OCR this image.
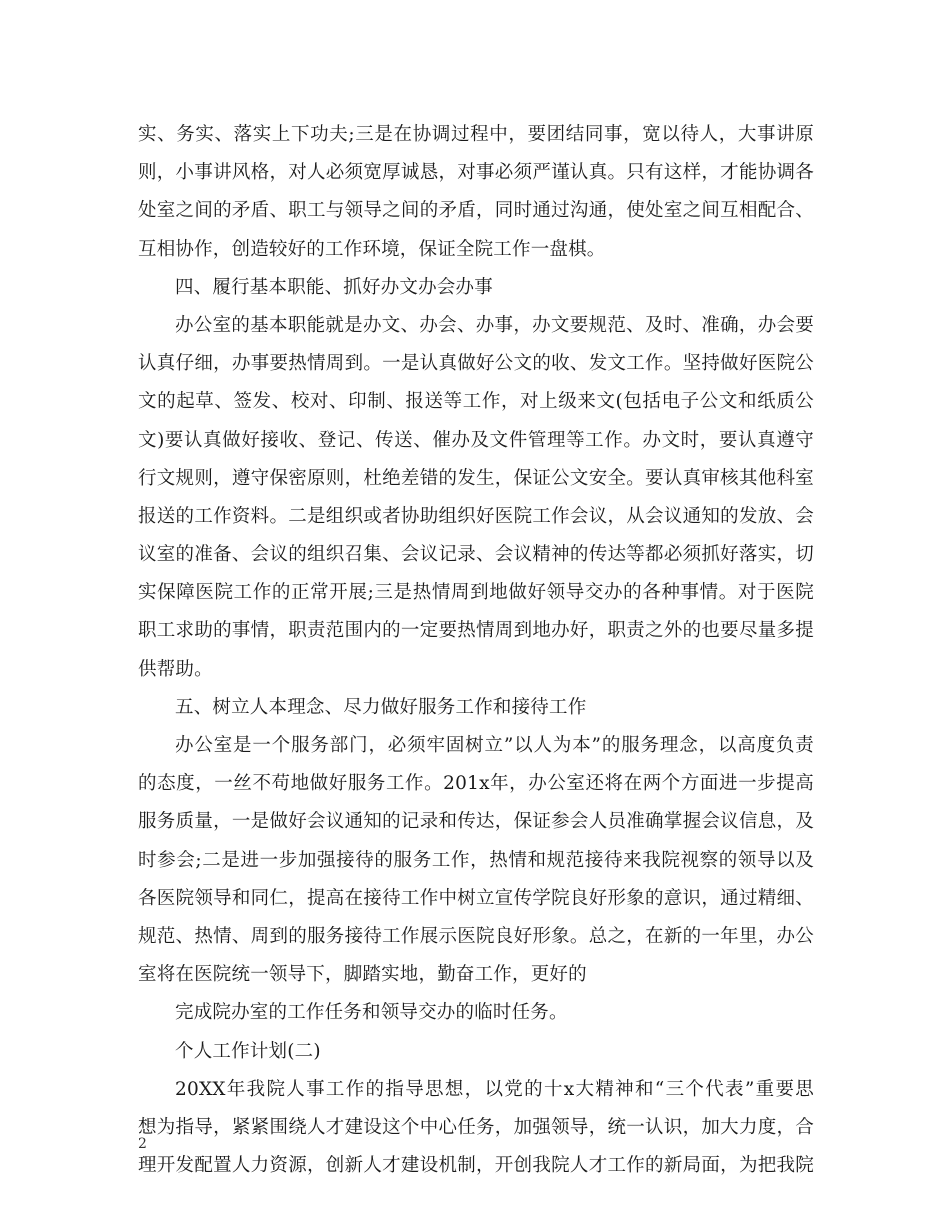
实、务实、落实上下功夫;三是在协调过程中，要团结同事，宽以待人，大事讲原
则，小事讲风格，对人必须宽厚诚恳，对事必须严谨认真。只有这样，才能协调各
处室之间的矛盾、职工与领导之间的矛盾，同时通过沟通，使处室之间互相配合、
互相协作，创造较好的工作环境，保证全院工作一盘棋。
四、履行基本职能、抓好办文办会办事
办公室的基本职能就是办文、办会、办事，办文要规范、及时、准确，办会要
认真仔细，办事要热情周到。一是认真做好公文的收、发文工作。坚持做好医院公
文的起草、签发、校对、印制、报送等工作，对上级来文(包括电子公文和纸质公
文)要认真做好接收、登记、传送、催办及文件管理等工作。办文时，要认真遵守
行文规则，遵守保密原则，杜绝差错的发生，保证公文安全。要认真审核其他科室
报送的工作资料。二是组织或者协助组织好医院工作会议，从会议通知的发放、会
议室的准备、会议的组织召集、会议记录、会议精神的传达等都必须抓好落实，切
实保障医院工作的正常开展;三是热情周到地做好领导交办的各种事情。对于医院
职工求助的事情，职责范围内的一定要热情周到地办好，职责之外的也要尽量多提
供帮助。
五、树立人本理念、尽力做好服务工作和接待工作
办公室是一个服务部门，必须牢固树立”以人为本”的服务理念，以高度负责
的态度，一丝不苟地做好服务工作。201x年，办公室还将在两个方面进一步提高
服务质量，一是做好会议通知的记录和传达，保证参会人员准确掌握会议信息，及
时参会;二是进一步加强接待的服务工作，热情和规范接待来我院视察的领导以及
各医院领导和同仁，提高在接待工作中树立宣传学院良好形象的意识，通过精细、
规范、热情、周到的服务接待工作展示医院良好形象。总之，在新的一年里，办公
室将在医院统一领导下，脚踏实地，勤奋工作，更好的
完成院办室的工作任务和领导交办的临时任务。
个人工作计划(二)
20XX年我院人事工作的指导思想，以党的十x大精神和“三个代表”重要思
想为指导，紧紧围绕人才建设这个中心任务，加强领导，统一认识，加大力度，合
理开发配置人力资源，创新人才建设机制，开创我院人才工作的新局面，为把我院
2
